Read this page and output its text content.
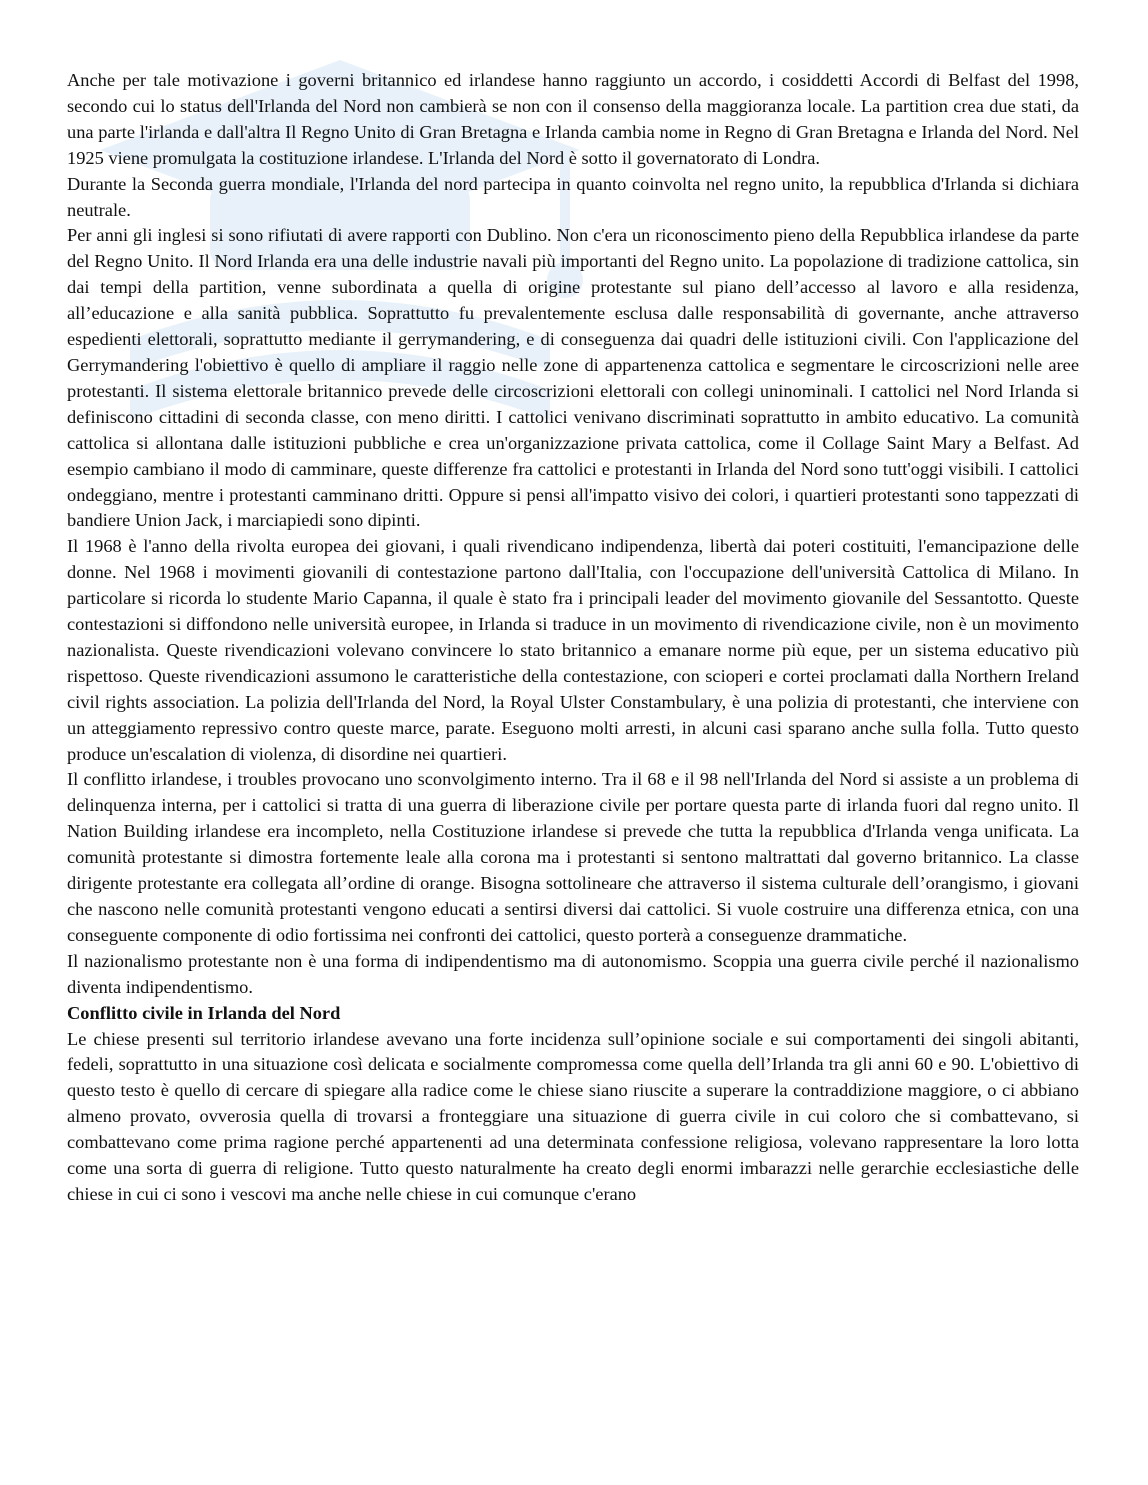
Anche per tale motivazione i governi britannico ed irlandese hanno raggiunto un accordo, i cosiddetti Accordi di Belfast del 1998, secondo cui lo status dell'Irlanda del Nord non cambierà se non con il consenso della maggioranza locale. La partition crea due stati, da una parte l'irlanda e dall'altra Il Regno Unito di Gran Bretagna e Irlanda cambia nome in Regno di Gran Bretagna e Irlanda del Nord. Nel 1925 viene promulgata la costituzione irlandese. L'Irlanda del Nord è sotto il governatorato di Londra.

Durante la Seconda guerra mondiale, l'Irlanda del nord partecipa in quanto coinvolta nel regno unito, la repubblica d'Irlanda si dichiara neutrale.

Per anni gli inglesi si sono rifiutati di avere rapporti con Dublino. Non c'era un riconoscimento pieno della Repubblica irlandese da parte del Regno Unito. Il Nord Irlanda era una delle industrie navali più importanti del Regno unito. La popolazione di tradizione cattolica, sin dai tempi della partition, venne subordinata a quella di origine protestante sul piano dell’accesso al lavoro e alla residenza, all’educazione e alla sanità pubblica. Soprattutto fu prevalentemente esclusa dalle responsabilità di governante, anche attraverso espedienti elettorali, soprattutto mediante il gerrymandering, e di conseguenza dai quadri delle istituzioni civili. Con l'applicazione del Gerrymandering l'obiettivo è quello di ampliare il raggio nelle zone di appartenenza cattolica e segmentare le circoscrizioni nelle aree protestanti. Il sistema elettorale britannico prevede delle circoscrizioni elettorali con collegi uninominali. I cattolici nel Nord Irlanda si definiscono cittadini di seconda classe, con meno diritti. I cattolici venivano discriminati soprattutto in ambito educativo. La comunità cattolica si allontana dalle istituzioni pubbliche e crea un'organizzazione privata cattolica, come il Collage Saint Mary a Belfast. Ad esempio cambiano il modo di camminare, queste differenze fra cattolici e protestanti in Irlanda del Nord sono tutt'oggi visibili. I cattolici ondeggiano, mentre i protestanti camminano dritti. Oppure si pensi all'impatto visivo dei colori, i quartieri protestanti sono tappezzati di bandiere Union Jack, i marciapiedi sono dipinti.

Il 1968 è l'anno della rivolta europea dei giovani, i quali rivendicano indipendenza, libertà dai poteri costituiti, l'emancipazione delle donne. Nel 1968 i movimenti giovanili di contestazione partono dall'Italia, con l'occupazione dell'università Cattolica di Milano. In particolare si ricorda lo studente Mario Capanna, il quale è stato fra i principali leader del movimento giovanile del Sessantotto. Queste contestazioni si diffondono nelle università europee, in Irlanda si traduce in un movimento di rivendicazione civile, non è un movimento nazionalista. Queste rivendicazioni volevano convincere lo stato britannico a emanare norme più eque, per un sistema educativo più rispettoso. Queste rivendicazioni assumono le caratteristiche della contestazione, con scioperi e cortei proclamati dalla Northern Ireland civil rights association. La polizia dell'Irlanda del Nord, la Royal Ulster Constambulary, è una polizia di protestanti, che interviene con un atteggiamento repressivo contro queste marce, parate. Eseguono molti arresti, in alcuni casi sparano anche sulla folla. Tutto questo produce un'escalation di violenza, di disordine nei quartieri.

Il conflitto irlandese, i troubles provocano uno sconvolgimento interno. Tra il 68 e il 98 nell'Irlanda del Nord si assiste a un problema di delinquenza interna, per i cattolici si tratta di una guerra di liberazione civile per portare questa parte di irlanda fuori dal regno unito. Il Nation Building irlandese era incompleto, nella Costituzione irlandese si prevede che tutta la repubblica d'Irlanda venga unificata. La comunità protestante si dimostra fortemente leale alla corona ma i protestanti si sentono maltrattati dal governo britannico. La classe dirigente protestante era collegata all’ordine di orange. Bisogna sottolineare che attraverso il sistema culturale dell’orangismo, i giovani che nascono nelle comunità protestanti vengono educati a sentirsi diversi dai cattolici. Si vuole costruire una differenza etnica, con una conseguente componente di odio fortissima nei confronti dei cattolici, questo porterà a conseguenze drammatiche.

Il nazionalismo protestante non è una forma di indipendentismo ma di autonomismo. Scoppia una guerra civile perché il nazionalismo diventa indipendentismo.

Conflitto civile in Irlanda del Nord

Le chiese presenti sul territorio irlandese avevano una forte incidenza sull’opinione sociale e sui comportamenti dei singoli abitanti, fedeli, soprattutto in una situazione così delicata e socialmente compromessa come quella dell’Irlanda tra gli anni 60 e 90. L'obiettivo di questo testo è quello di cercare di spiegare alla radice come le chiese siano riuscite a superare la contraddizione maggiore, o ci abbiano almeno provato, ovverosia quella di trovarsi a fronteggiare una situazione di guerra civile in cui coloro che si combattevano, si combattevano come prima ragione perché appartenenti ad una determinata confessione religiosa, volevano rappresentare la loro lotta come una sorta di guerra di religione. Tutto questo naturalmente ha creato degli enormi imbarazzi nelle gerarchie ecclesiastiche delle chiese in cui ci sono i vescovi ma anche nelle chiese in cui comunque c'erano
